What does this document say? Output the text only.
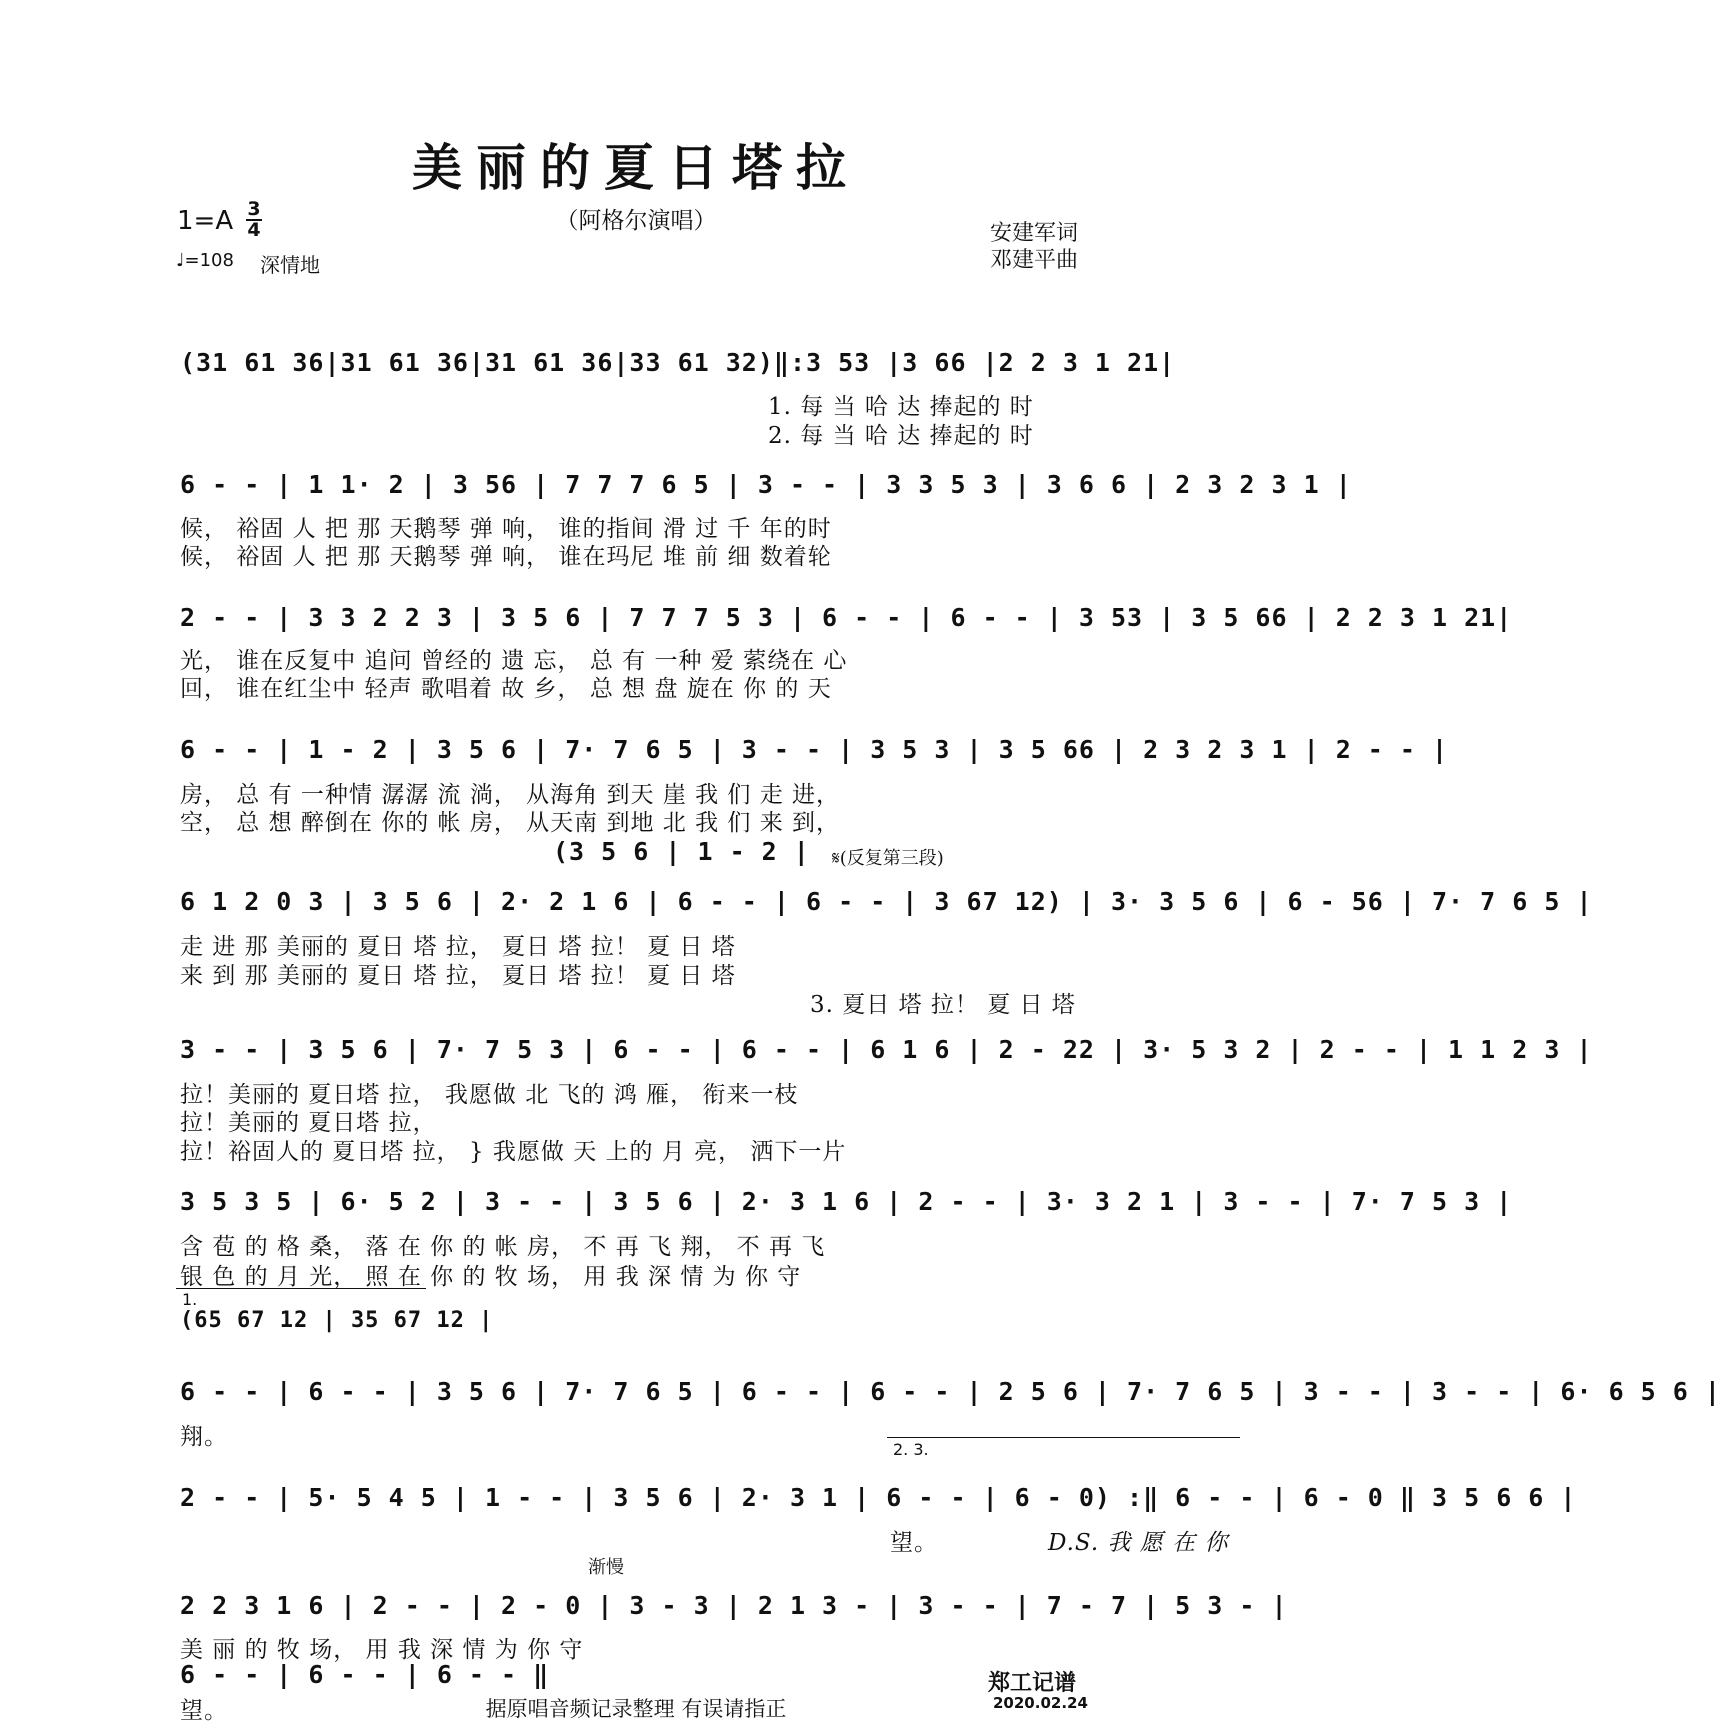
美丽的夏日塔拉
（阿格尔演唱）
1=A 3
4
♩=108 深情地
安建军词
邓建平曲
(31 61 36|31 61 36|31 61 36|33 61 32)‖:3 53 |3 66 |2 2 3 1 21|
1. 每 当 哈 达 捧起的 时
2. 每 当 哈 达 捧起的 时
6 - - | 1 1· 2 | 3 56 | 7 7 7 6 5 | 3 - - | 3 3 5 3 | 3 6 6 | 2 3 2 3 1 |
候， 裕固 人 把 那 天鹅琴 弹 响， 谁的指间 滑 过 千 年的时
候， 裕固 人 把 那 天鹅琴 弹 响， 谁在玛尼 堆 前 细 数着轮
2 - - | 3 3 2 2 3 | 3 5 6 | 7 7 7 5 3 | 6 - - | 6 - - | 3 53 | 3 5 66 | 2 2 3 1 21|
光， 谁在反复中 追问 曾经的 遗 忘， 总 有 一种 爱 萦绕在 心
回， 谁在红尘中 轻声 歌唱着 故 乡， 总 想 盘 旋在 你 的 天
6 - - | 1 - 2 | 3 5 6 | 7· 7 6 5 | 3 - - | 3 5 3 | 3 5 66 | 2 3 2 3 1 | 2 - - |
房， 总 有 一种情 潺潺 流 淌， 从海角 到天 崖 我 们 走 进，
空， 总 想 醉倒在 你的 帐 房， 从天南 到地 北 我 们 来 到，
(3 5 6 | 1 - 2 | 𝄋(反复第三段)
6 1 2 0 3 | 3 5 6 | 2· 2 1 6 | 6 - - | 6 - - | 3 67 12) | 3· 3 5 6 | 6 - 56 | 7· 7 6 5 |
走 进 那 美丽的 夏日 塔 拉， 夏日 塔 拉！ 夏 日 塔
来 到 那 美丽的 夏日 塔 拉， 夏日 塔 拉！ 夏 日 塔
3. 夏日 塔 拉！ 夏 日 塔
3 - - | 3 5 6 | 7· 7 5 3 | 6 - - | 6 - - | 6 1 6 | 2 - 22 | 3· 5 3 2 | 2 - - | 1 1 2 3 |
拉！美丽的 夏日塔 拉， 我愿做 北 飞的 鸿 雁， 衔来一枝
拉！美丽的 夏日塔 拉，
拉！裕固人的 夏日塔 拉， } 我愿做 天 上的 月 亮， 洒下一片
3 5 3 5 | 6· 5 2 | 3 - - | 3 5 6 | 2· 3 1 6 | 2 - - | 3· 3 2 1 | 3 - - | 7· 7 5 3 |
含 苞 的 格 桑， 落 在 你 的 帐 房， 不 再 飞 翔， 不 再 飞
银 色 的 月 光， 照 在 你 的 牧 场， 用 我 深 情 为 你 守
1.
(65 67 12 | 35 67 12 |
6 - - | 6 - - | 3 5 6 | 7· 7 6 5 | 6 - - | 6 - - | 2 5 6 | 7· 7 6 5 | 3 - - | 3 - - | 6· 6 5 6 |
翔。	2. 3.
2 - - | 5· 5 4 5 | 1 - - | 3 5 6 | 2· 3 1 | 6 - - | 6 - 0) :‖ 6 - - | 6 - 0 ‖ 3 5 6 6 |
望。	D.S. 我 愿 在 你
渐慢
2 2 3 1 6 | 2 - - | 2 - 0 | 3 - 3 | 2 1 3 - | 3 - - | 7 - 7 | 5 3 - |
美 丽 的 牧 场， 用 我 深 情 为 你 守
6 - - | 6 - - | 6 - - ‖
望。	据原唱音频记录整理 有误请指正
郑工记谱
2020.02.24
